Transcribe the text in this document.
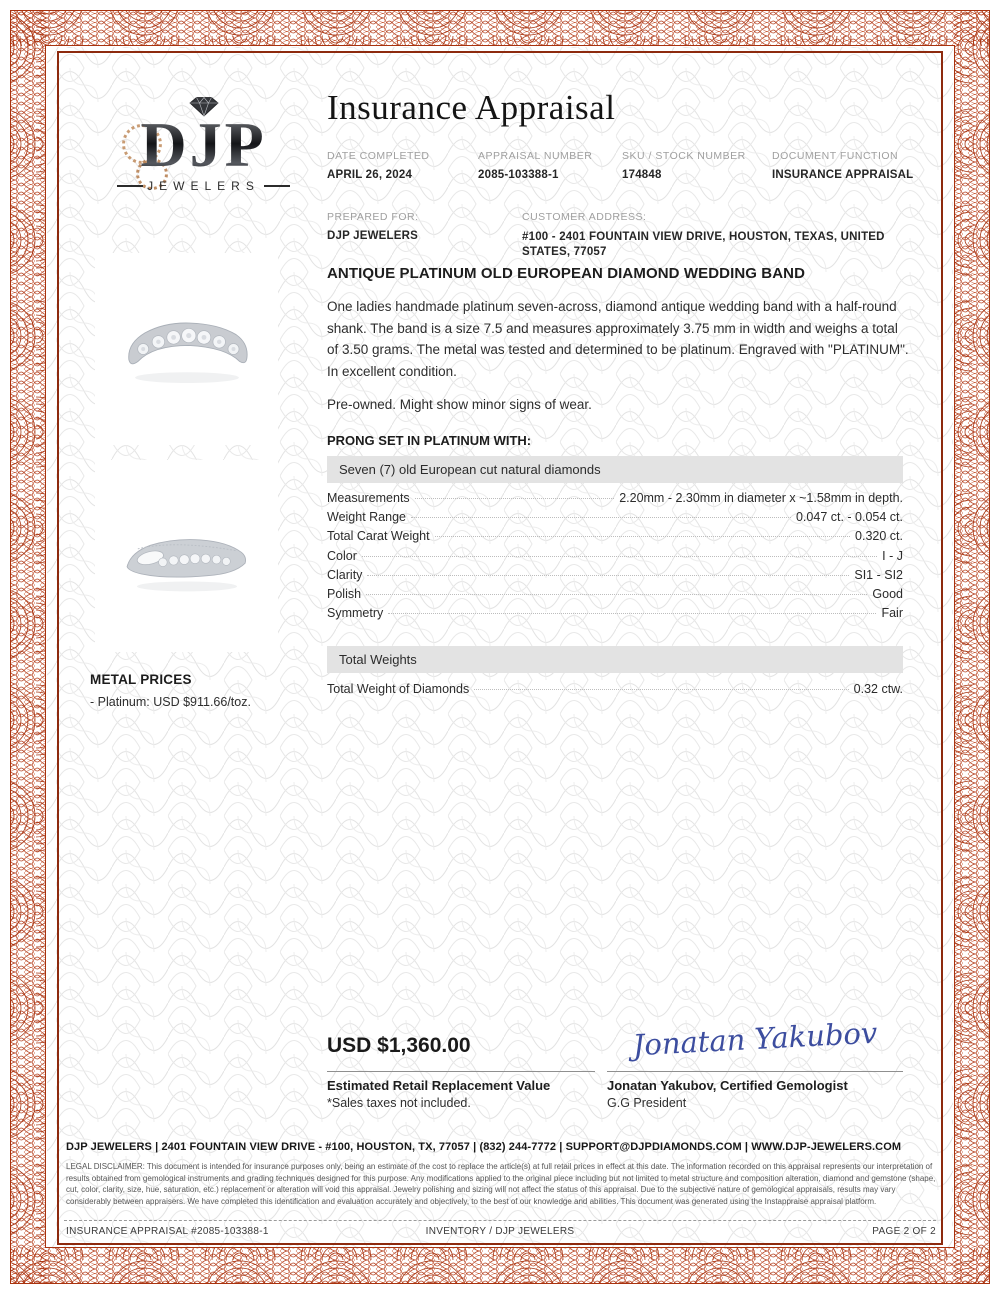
DJP
JEWELERS
Insurance Appraisal
DATE COMPLETED
APRIL 26, 2024
APPRAISAL NUMBER
2085-103388-1
SKU / STOCK NUMBER
174848
DOCUMENT FUNCTION
INSURANCE APPRAISAL
PREPARED FOR:
DJP JEWELERS
CUSTOMER ADDRESS:
#100 - 2401 FOUNTAIN VIEW DRIVE, HOUSTON, TEXAS, UNITED STATES, 77057
METAL PRICES
- Platinum: USD $911.66/toz.
ANTIQUE PLATINUM OLD EUROPEAN DIAMOND WEDDING BAND
One ladies handmade platinum seven-across, diamond antique wedding band with a half-round shank. The band is a size 7.5 and measures approximately 3.75 mm in width and weighs a total of 3.50 grams. The metal was tested and determined to be platinum. Engraved with "PLATINUM". In excellent condition.
Pre-owned. Might show minor signs of wear.
PRONG SET IN PLATINUM WITH:
Seven (7) old European cut natural diamonds
Measurements	2.20mm - 2.30mm in diameter x ~1.58mm in depth.
Weight Range	0.047 ct. - 0.054 ct.
Total Carat Weight	0.320 ct.
Color	I - J
Clarity	SI1 - SI2
Polish	Good
Symmetry	Fair
Total Weights
Total Weight of Diamonds	0.32 ctw.
USD $1,360.00
Estimated Retail Replacement Value
*Sales taxes not included.
Jonatan Yakubov
Jonatan Yakubov, Certified Gemologist
G.G President
DJP JEWELERS | 2401 FOUNTAIN VIEW DRIVE - #100, HOUSTON, TX, 77057 | (832) 244-7772 | SUPPORT@DJPDIAMONDS.COM | WWW.DJP-JEWELERS.COM
LEGAL DISCLAIMER: This document is intended for insurance purposes only, being an estimate of the cost to replace the article(s) at full retail prices in effect at this date. The information recorded on this appraisal represents our interpretation of results obtained from gemological instruments and grading techniques designed for this purpose. Any modifications applied to the original piece including but not limited to metal structure and composition alteration, diamond and gemstone (shape, cut, color, clarity, size, hue, saturation, etc.) replacement or alteration will void this appraisal. Jewelry polishing and sizing will not affect the status of this appraisal. Due to the subjective nature of gemological appraisals, results may vary considerably between appraisers. We have completed this identification and evaluation accurately and objectively, to the best of our knowledge and abilities. This document was generated using the Instappraise appraisal platform.
INSURANCE APPRAISAL #2085-103388-1	INVENTORY / DJP JEWELERS	PAGE 2 OF 2
